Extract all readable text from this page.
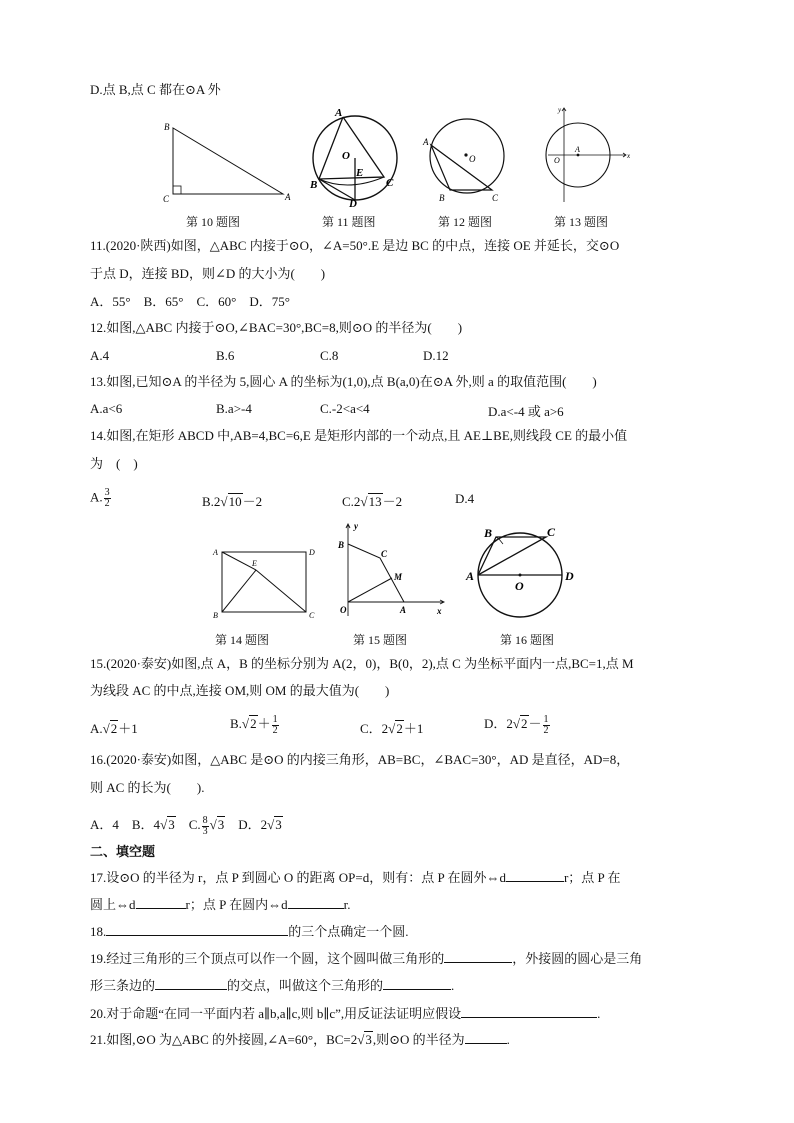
D.点 B,点 C 都在⊙A 外
B
C	A
第 10 题图
A
O
E
B	C
D
第 11 题图
A
O
B	C
第 12 题图
y
x
O
A
第 13 题图
11.(2020·陕西)如图，△ABC 内接于⊙O，∠A=50°.E 是边 BC 的中点，连接 OE 并延长，交⊙O
于点 D，连接 BD，则∠D 的大小为(　　)
A．55°　B．65°　C．60°　D．75°
12.如图,△ABC 内接于⊙O,∠BAC=30°,BC=8,则⊙O 的半径为(　　)
A.4	B.6	C.8	D.12
13.如图,已知⊙A 的半径为 5,圆心 A 的坐标为(1,0),点 B(a,0)在⊙A 外,则 a 的取值范围(　　)
A.a<6	B.a>-4	C.-2<a<4	D.a<-4 或 a>6
14.如图,在矩形 ABCD 中,AB=4,BC=6,E 是矩形内部的一个动点,且 AE⊥BE,则线段 CE 的最小值
为　(　)
A. $\frac{3}{2}$	B.2√10－2	C.2√13－2	D.4
A	D
E
B	C
第 14 题图
y
x
B
C
M
O	A
第 15 题图
B	C
A	D
O
第 16 题图
15.(2020·泰安)如图,点 A，B 的坐标分别为 A(2，0)，B(0，2),点 C 为坐标平面内一点,BC=1,点 M
为线段 AC 的中点,连接 OM,则 OM 的最大值为(　　)
A.√2＋1	$B.√2+ \frac{1}{2}$	C．2√2＋1	D．$2√2- \frac{1}{2}$
16.(2020·泰安)如图，△ABC 是⊙O 的内接三角形，AB=BC，∠BAC=30°，AD 是直径，AD=8，
则 AC 的长为(　　).
A．4　B．4√3　C. $\frac{8}{3} √3$　D．2√3
二、填空题
17.设⊙O 的半径为 r，点 P 到圆心 O 的距离 OP=d，则有：点 P 在圆外⇔d	r；点 P 在
圆上⇔d	r；点 P 在圆内⇔d	r.
18.	的三个点确定一个圆.
19.经过三角形的三个顶点可以作一个圆，这个圆叫做三角形的	，外接圆的圆心是三角
形三条边的	的交点，叫做这个三角形的	.
20.对于命题“在同一平面内若 a∥b,a∥c,则 b∥c”,用反证法证明应假设	.
21.如图,⊙O 为△ABC 的外接圆,∠A=60°，BC=2√3,则⊙O 的半径为	.
